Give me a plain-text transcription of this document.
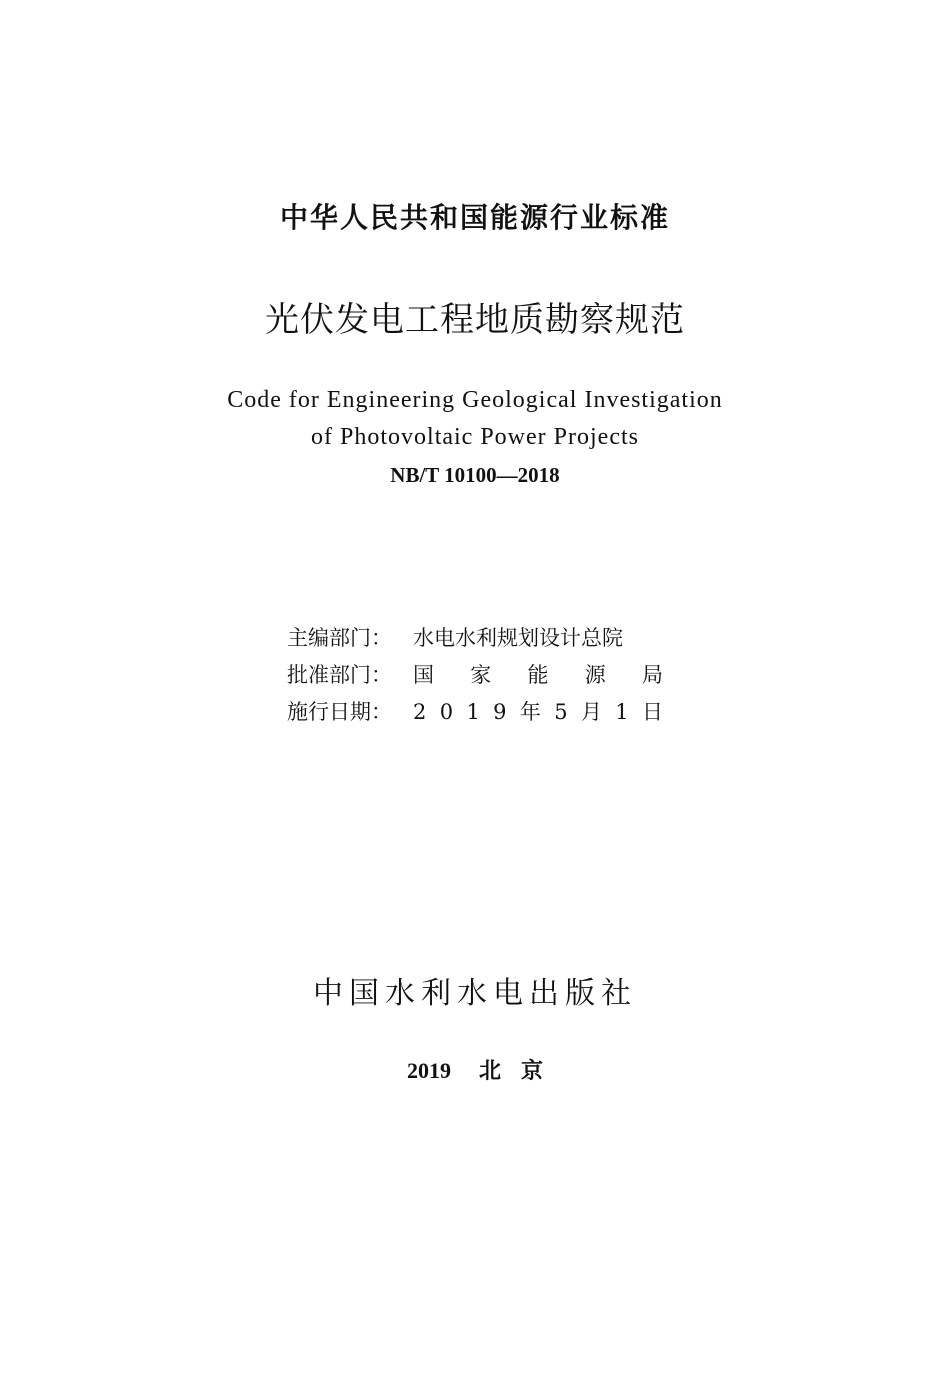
中华人民共和国能源行业标准
光伏发电工程地质勘察规范
Code for Engineering Geological Investigation
of Photovoltaic Power Projects
NB/T 10100—2018
主编部门：	水电水利规划设计总院
批准部门：	国 家 能 源 局
施行日期：	2 0 1 9 年 5 月 1 日
中国水利水电出版社
2019 北 京
